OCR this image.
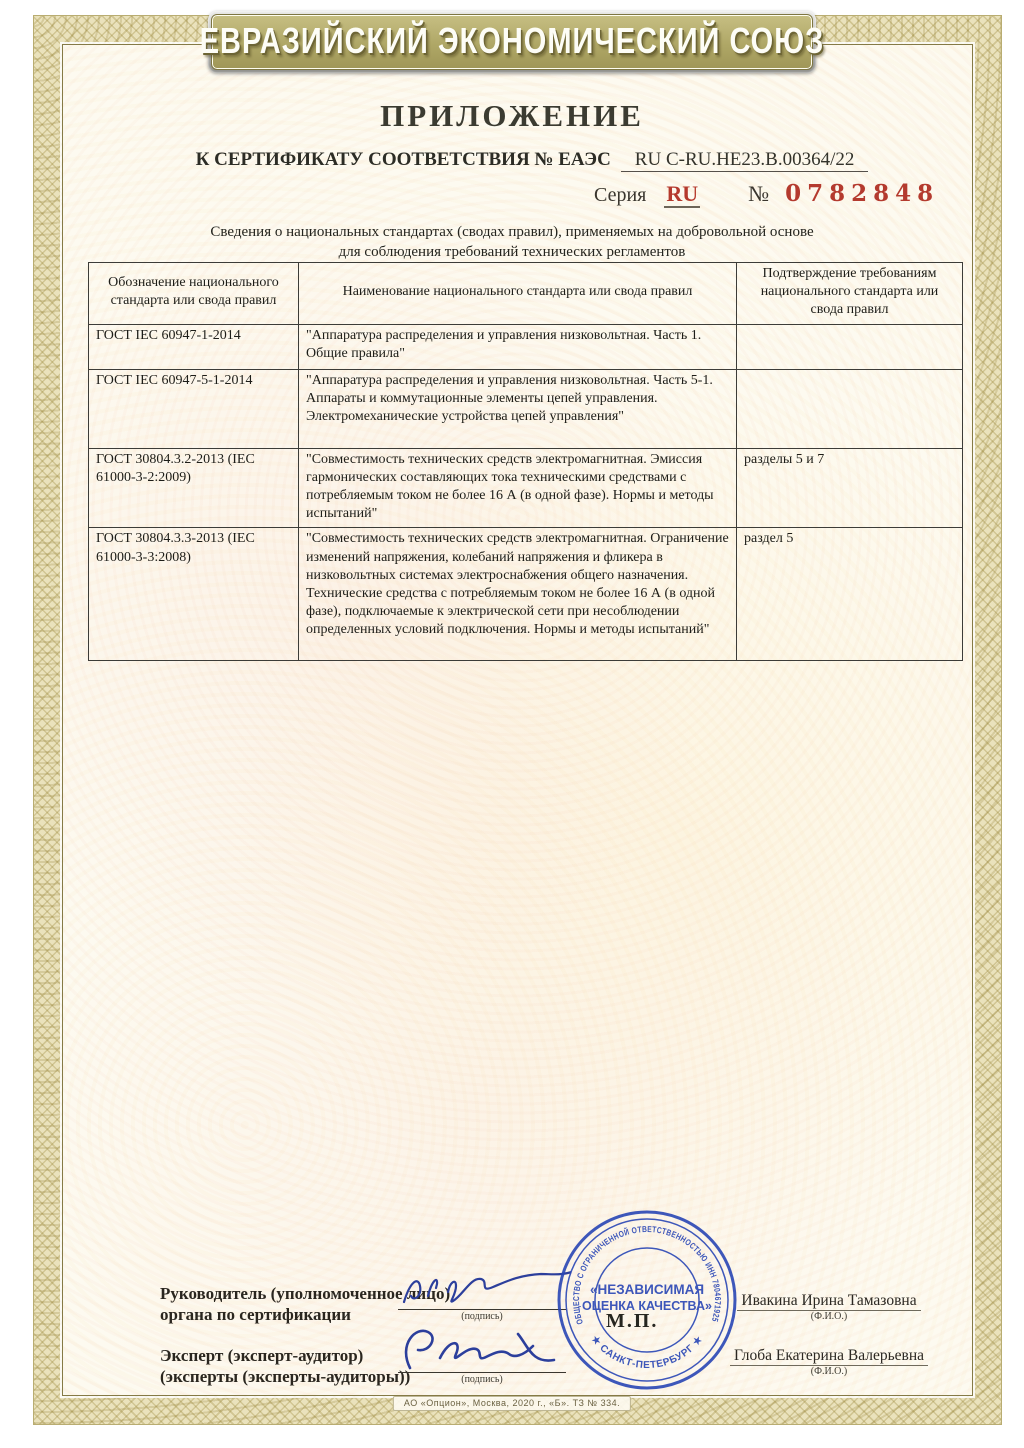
ЕВРАЗИЙСКИЙ ЭКОНОМИЧЕСКИЙ СОЮЗ
ПРИЛОЖЕНИЕ
К СЕРТИФИКАТУ СООТВЕТСТВИЯ № ЕАЭС RU C-RU.HE23.B.00364/22
Серия RU № 0782848
Сведения о национальных стандартах (сводах правил), применяемых на добровольной основе
для соблюдения требований технических регламентов
Обозначение национального стандарта или свода правил	Наименование национального стандарта или свода правил	Подтверждение требованиям национального стандарта или свода правил
ГОСТ IEC 60947-1-2014	"Аппаратура распределения и управления низковольтная. Часть 1. Общие правила"	
ГОСТ IEC 60947-5-1-2014	"Аппаратура распределения и управления низковольтная. Часть 5-1. Аппараты и коммутационные элементы цепей управления. Электромеханические устройства цепей управления"	
ГОСТ 30804.3.2-2013 (IEC 61000-3-2:2009)	"Совместимость технических средств электромагнитная. Эмиссия гармонических составляющих тока техническими средствами с потребляемым током не более 16 А (в одной фазе). Нормы и методы испытаний"	разделы 5 и 7
ГОСТ 30804.3.3-2013 (IEC 61000-3-3:2008)	"Совместимость технических средств электромагнитная. Ограничение изменений напряжения, колебаний напряжения и фликера в низковольтных системах электроснабжения общего назначения. Технические средства с потребляемым током не более 16 А (в одной фазе), подключаемые к электрической сети при несоблюдении определенных условий подключения. Нормы и методы испытаний"	раздел 5
Руководитель (уполномоченное лицо) органа по сертификации
Эксперт (эксперт-аудитор)
(эксперты (эксперты-аудиторы))
(подпись)
(подпись)
ОБЩЕСТВО С ОГРАНИЧЕННОЙ ОТВЕТСТВЕННОСТЬЮ ИНН 7804671925
★ САНКТ-ПЕТЕРБУРГ ★
«НЕЗАВИСИМАЯ
ОЦЕНКА КАЧЕСТВА»
М.П.
Ивакина Ирина Тамазовна
(Ф.И.О.)
Глоба Екатерина Валерьевна
(Ф.И.О.)
АО «Опцион», Москва, 2020 г., «Б». ТЗ № 334.
